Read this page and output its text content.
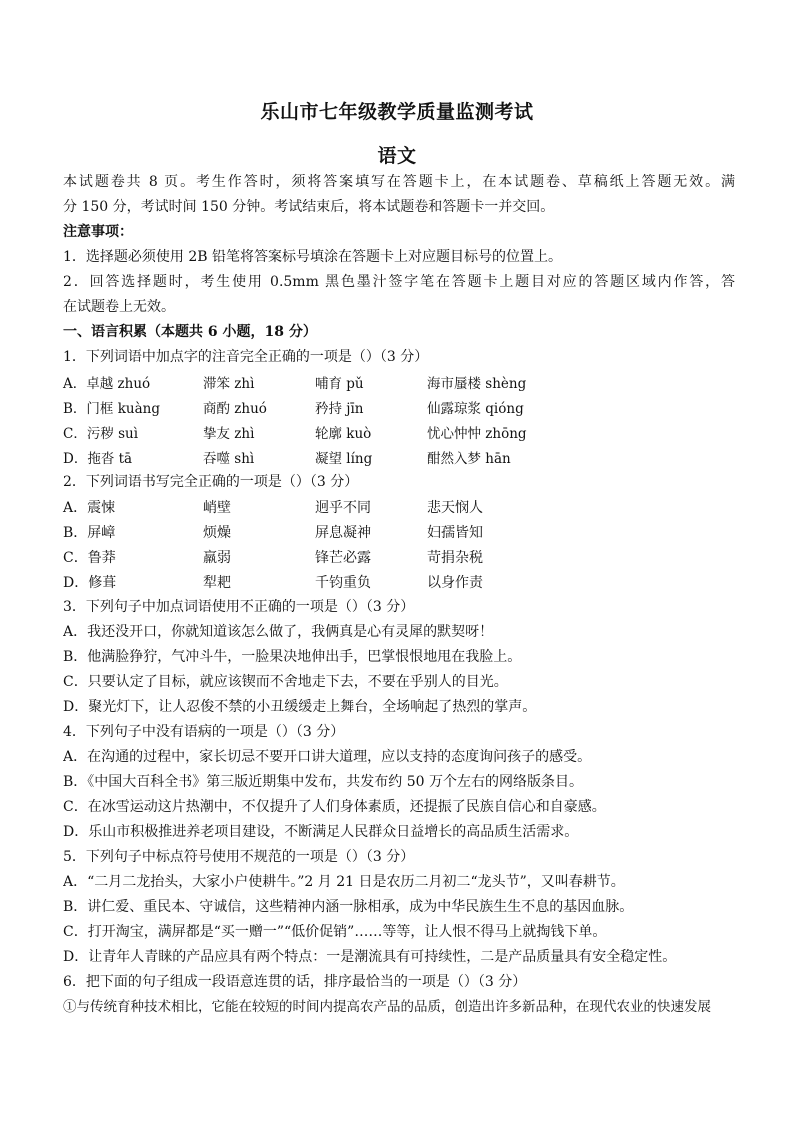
乐山市七年级教学质量监测考试
语文
本试题卷共 8 页。考生作答时，须将答案填写在答题卡上，在本试题卷、草稿纸上答题无效。满
分 150 分，考试时间 150 分钟。考试结束后，将本试题卷和答题卡一并交回。
注意事项：
1．选择题必须使用 2B 铅笔将答案标号填涂在答题卡上对应题目标号的位置上。
2．回答选择题时，考生使用 0.5mm 黑色墨汁签字笔在答题卡上题目对应的答题区域内作答，答
在试题卷上无效。
一、语言积累（本题共 6 小题，18 分）
1．下列词语中加点字的注音完全正确的一项是（）（3 分）
A．卓越 zhuó	滞笨 zhì	哺育 pǔ	海市蜃楼 shèng
B．门框 kuàng	商酌 zhuó	矜持 jīn	仙露琼浆 qióng
C．污秽 suì	挚友 zhì	轮廓 kuò	忧心忡忡 zhōng
D．拖沓 tā	吞噬 shì	凝望 líng	酣然入梦 hān
2．下列词语书写完全正确的一项是（）（3 分）
A．震悚	峭壁	迥乎不同	悲天悯人
B．屏嶂	烦燥	屏息凝神	妇孺皆知
C．鲁莽	羸弱	锋芒必露	苛捐杂税
D．修葺	犁耙	千钧重负	以身作责
3．下列句子中加点词语使用不正确的一项是（）（3 分）
A．我还没开口，你就知道该怎么做了，我俩真是心有灵犀的默契呀！
B．他满脸狰狞，气冲斗牛，一脸果决地伸出手，巴掌恨恨地甩在我脸上。
C．只要认定了目标，就应该锲而不舍地走下去，不要在乎别人的目光。
D．聚光灯下，让人忍俊不禁的小丑缓缓走上舞台，全场响起了热烈的掌声。
4．下列句子中没有语病的一项是（）（3 分）
A．在沟通的过程中，家长切忌不要开口讲大道理，应以支持的态度询问孩子的感受。
B．《中国大百科全书》第三版近期集中发布，共发布约 50 万个左右的网络版条目。
C．在冰雪运动这片热潮中，不仅提升了人们身体素质，还提振了民族自信心和自豪感。
D．乐山市积极推进养老项目建设，不断满足人民群众日益增长的高品质生活需求。
5．下列句子中标点符号使用不规范的一项是（）（3 分）
A．“二月二龙抬头，大家小户使耕牛。”2 月 21 日是农历二月初二“龙头节”，又叫春耕节。
B．讲仁爱、重民本、守诚信，这些精神内涵一脉相承，成为中华民族生生不息的基因血脉。
C．打开淘宝，满屏都是“买一赠一”“低价促销”……等等，让人恨不得马上就掏钱下单。
D．让青年人青睐的产品应具有两个特点：一是潮流具有可持续性，二是产品质量具有安全稳定性。
6．把下面的句子组成一段语意连贯的话，排序最恰当的一项是（）（3 分）
①与传统育种技术相比，它能在较短的时间内提高农产品的品质，创造出许多新品种，在现代农业的快速发展
